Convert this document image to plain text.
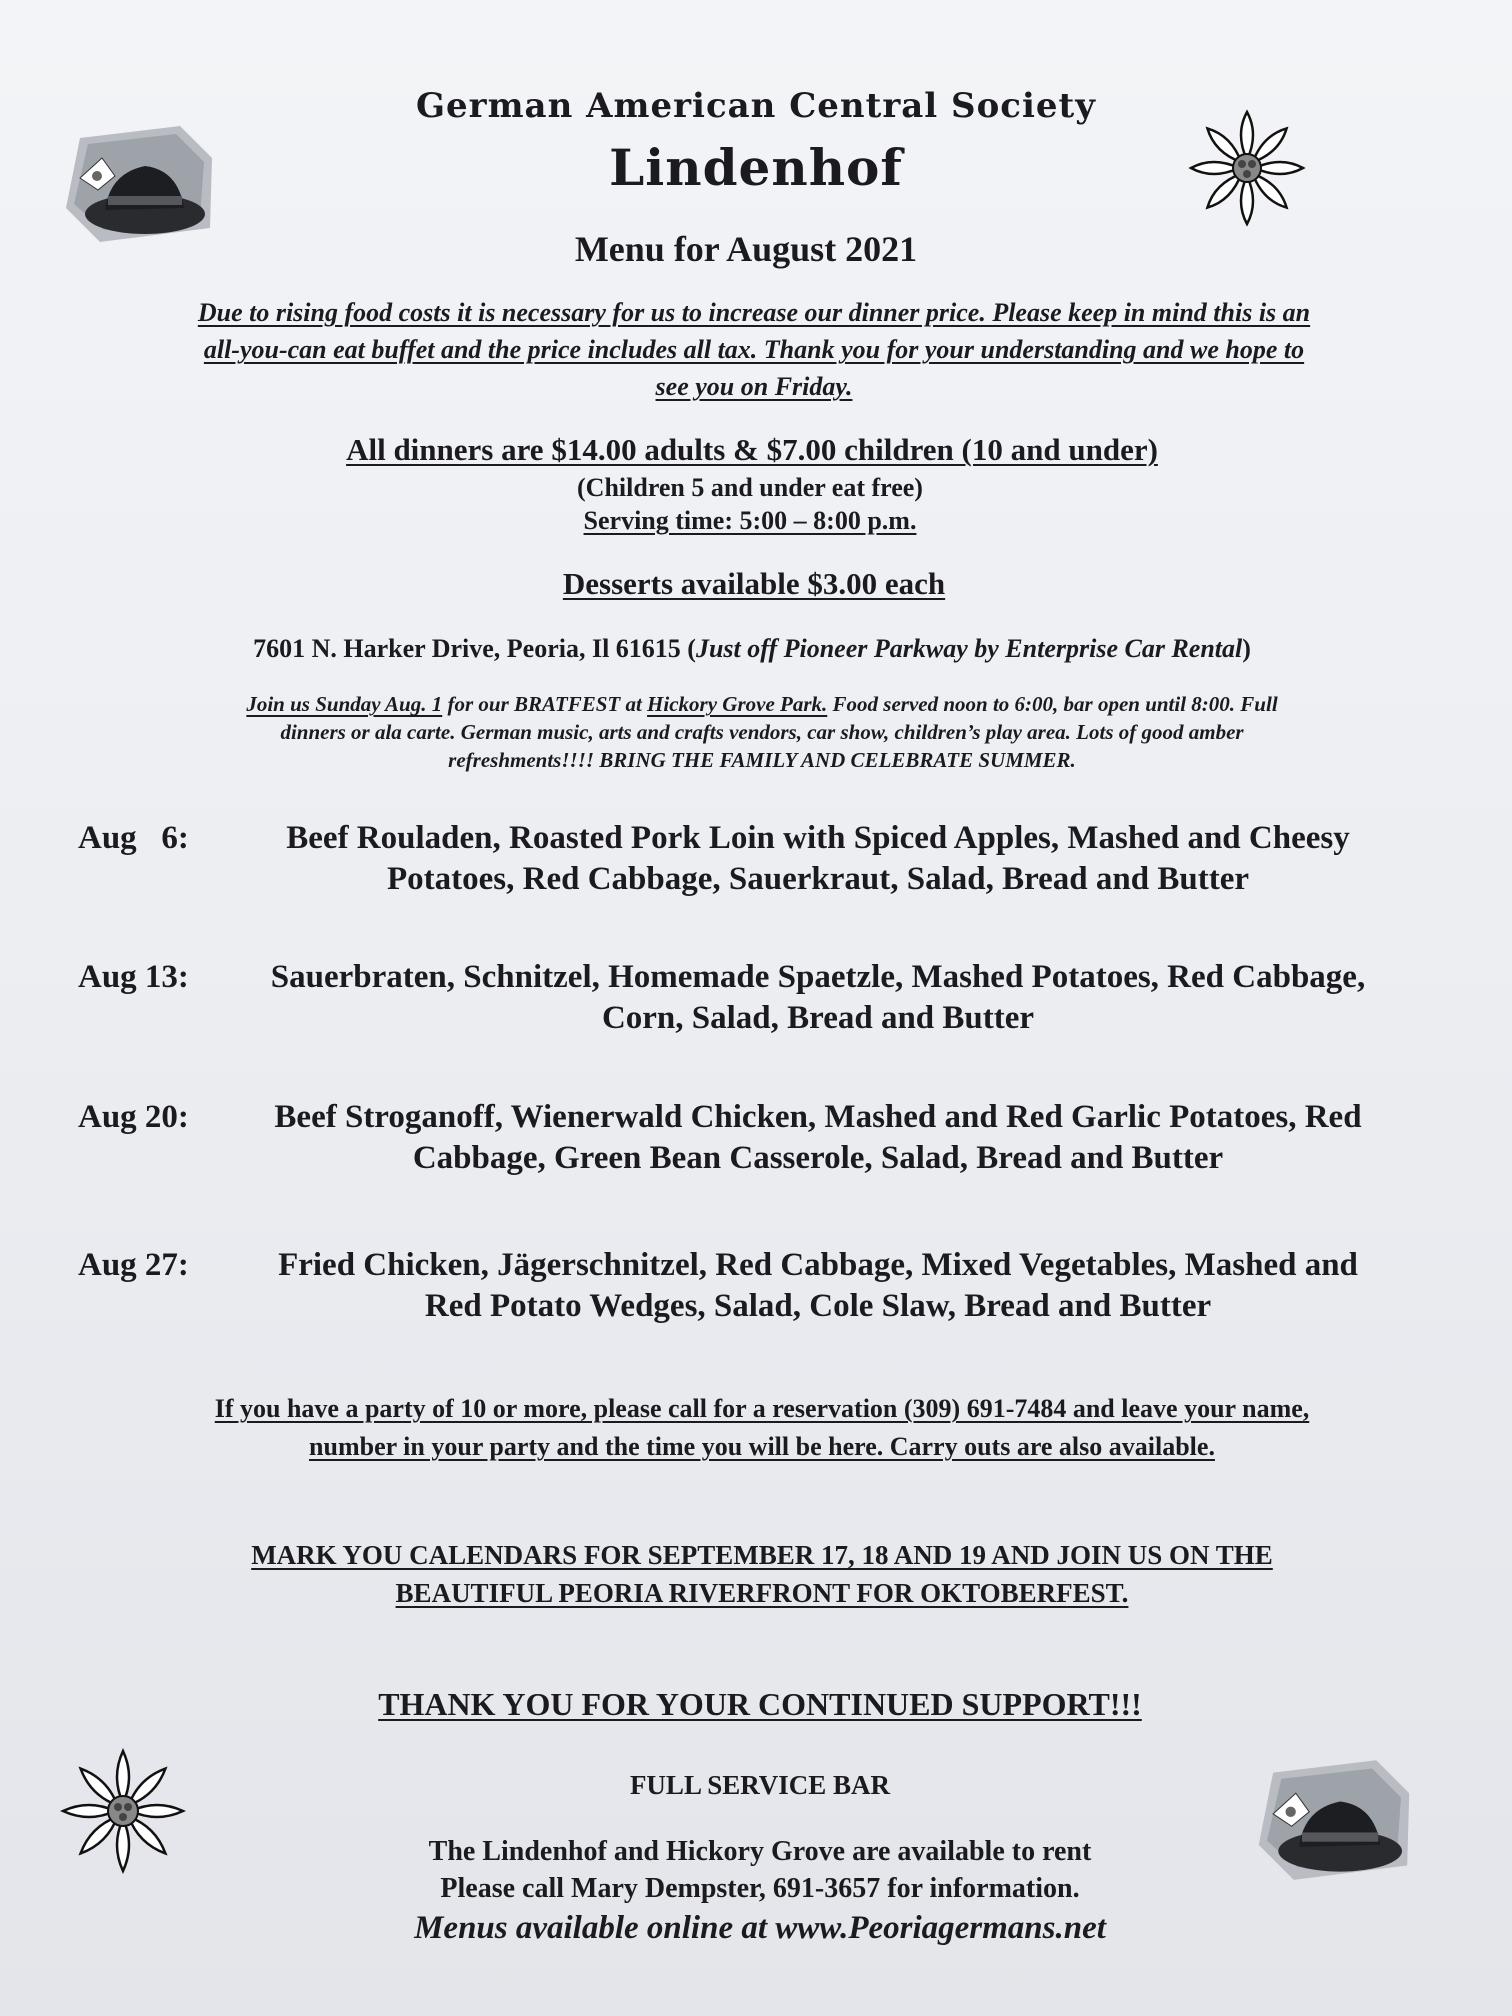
German American Central Society
Lindenhof
Menu for August 2021
Due to rising food costs it is necessary for us to increase our dinner price. Please keep in mind this is an
all-you-can eat buffet and the price includes all tax. Thank you for your understanding and we hope to
see you on Friday.
All dinners are $14.00 adults & $7.00 children (10 and under)
(Children 5 and under eat free)
Serving time: 5:00 – 8:00 p.m.
Desserts available $3.00 each
7601 N. Harker Drive, Peoria, Il 61615 (Just off Pioneer Parkway by Enterprise Car Rental)
Join us Sunday Aug. 1 for our BRATFEST at Hickory Grove Park. Food served noon to 6:00, bar open until 8:00. Full
dinners or ala carte. German music, arts and crafts vendors, car show, children’s play area. Lots of good amber
refreshments!!!! BRING THE FAMILY AND CELEBRATE SUMMER.
Aug   6:	Beef Rouladen, Roasted Pork Loin with Spiced Apples, Mashed and Cheesy
Potatoes, Red Cabbage, Sauerkraut, Salad, Bread and Butter
Aug 13:	Sauerbraten, Schnitzel, Homemade Spaetzle, Mashed Potatoes, Red Cabbage,
Corn, Salad, Bread and Butter
Aug 20:	Beef Stroganoff, Wienerwald Chicken, Mashed and Red Garlic Potatoes, Red
Cabbage, Green Bean Casserole, Salad, Bread and Butter
Aug 27:	Fried Chicken, Jägerschnitzel, Red Cabbage, Mixed Vegetables, Mashed and
Red Potato Wedges, Salad, Cole Slaw, Bread and Butter
If you have a party of 10 or more, please call for a reservation (309) 691-7484 and leave your name,
number in your party and the time you will be here. Carry outs are also available.
MARK YOU CALENDARS FOR SEPTEMBER 17, 18 AND 19 AND JOIN US ON THE
BEAUTIFUL PEORIA RIVERFRONT FOR OKTOBERFEST.
THANK YOU FOR YOUR CONTINUED SUPPORT!!!
FULL SERVICE BAR
The Lindenhof and Hickory Grove are available to rent
Please call Mary Dempster, 691-3657 for information.
Menus available online at www.Peoriagermans.net
